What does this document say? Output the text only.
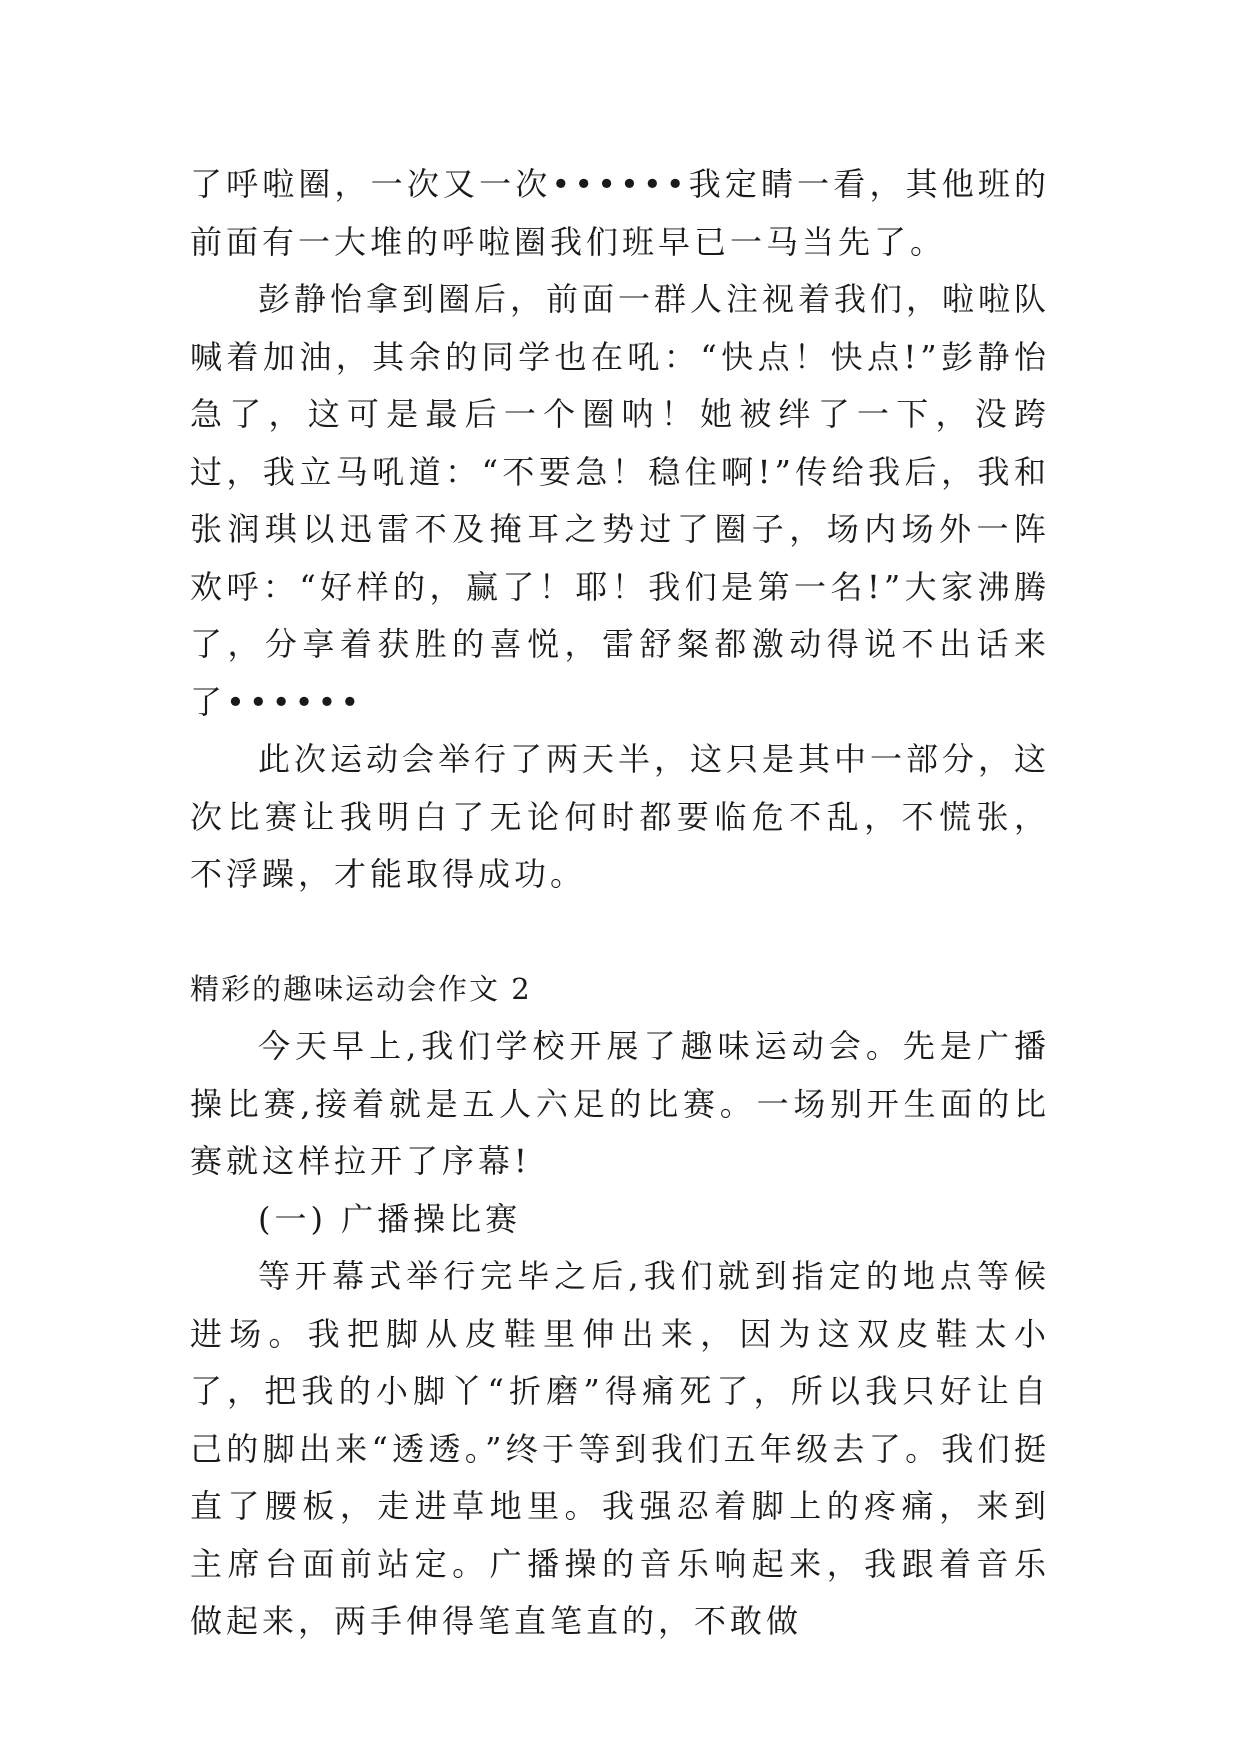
了呼啦圈，一次又一次••••••我定睛一看，其他班的前面有一大堆的呼啦圈我们班早已一马当先了。

彭静怡拿到圈后，前面一群人注视着我们，啦啦队喊着加油，其余的同学也在吼：“快点！快点!”彭静怡急了，这可是最后一个圈呐！她被绊了一下，没跨过，我立马吼道：“不要急！稳住啊!”传给我后，我和张润琪以迅雷不及掩耳之势过了圈子，场内场外一阵欢呼：“好样的，赢了！耶！我们是第一名!”大家沸腾了，分享着获胜的喜悦，雷舒粲都激动得说不出话来了••••••

此次运动会举行了两天半，这只是其中一部分，这次比赛让我明白了无论何时都要临危不乱，不慌张，不浮躁，才能取得成功。

精彩的趣味运动会作文 2

今天早上,我们学校开展了趣味运动会。先是广播操比赛,接着就是五人六足的比赛。一场别开生面的比赛就这样拉开了序幕!

(一) 广播操比赛

等开幕式举行完毕之后,我们就到指定的地点等候进场。我把脚从皮鞋里伸出来，因为这双皮鞋太小了，把我的小脚丫“折磨”得痛死了，所以我只好让自己的脚出来“透透。”终于等到我们五年级去了。我们挺直了腰板，走进草地里。我强忍着脚上的疼痛，来到主席台面前站定。广播操的音乐响起来，我跟着音乐做起来，两手伸得笔直笔直的，不敢做
